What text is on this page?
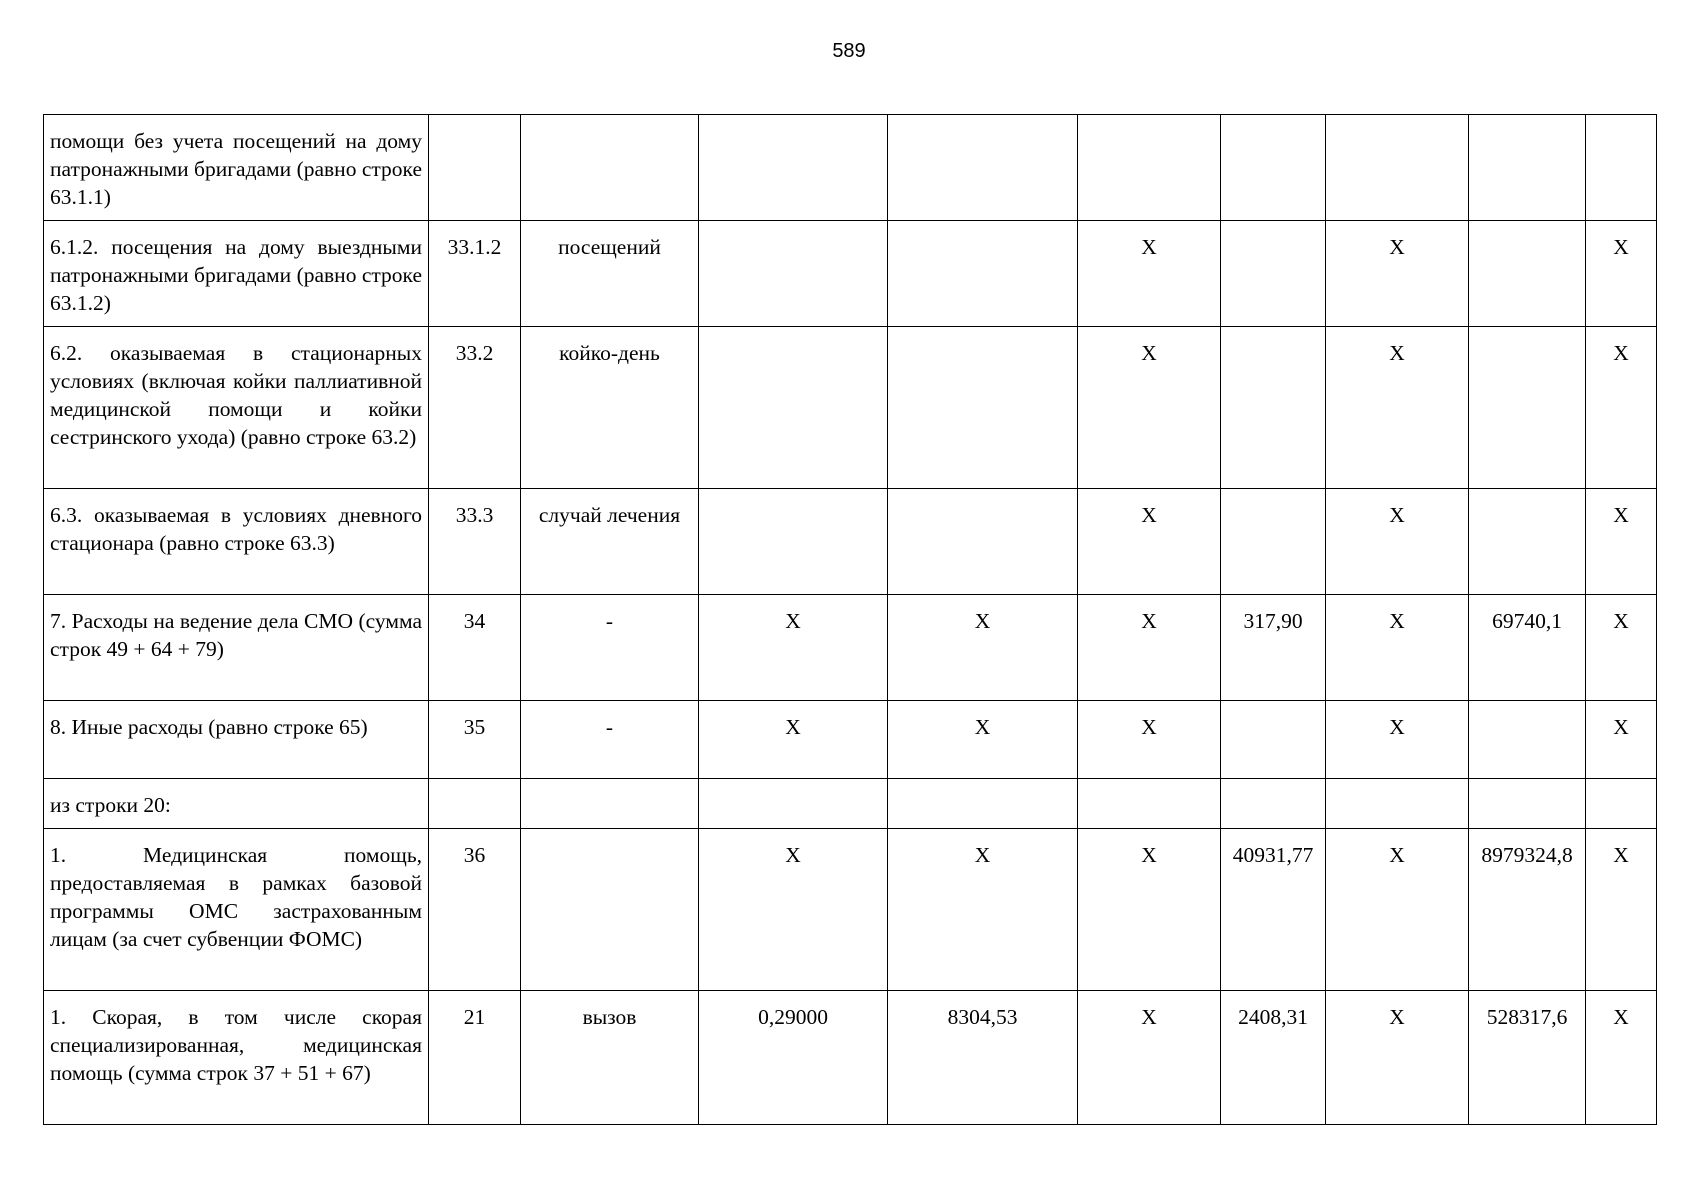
589
помощи без учета посещений на дому патронажными бригадами (равно строке 63.1.1)									
6.1.2. посещения на дому выездными патронажными бригадами (равно строке 63.1.2)	33.1.2	посещений			Х		Х		Х
6.2. оказываемая в стационарных условиях (включая койки паллиативной медицинской помощи и койки сестринского ухода) (равно строке 63.2)	33.2	койко-день			Х		Х		Х
6.3. оказываемая в условиях дневного стационара (равно строке 63.3)	33.3	случай лечения			Х		Х		Х
7. Расходы на ведение дела СМО (сумма строк 49 + 64 + 79)	34	-	Х	Х	Х	317,90	Х	69740,1	Х
8. Иные расходы (равно строке 65)	35	-	Х	Х	Х		Х		Х
из строки 20:									
1. Медицинская помощь, предоставляемая в рамках базовой программы ОМС застрахованным лицам (за счет субвенции ФОМС)	36		Х	Х	Х	40931,77	Х	8979324,8	Х
1. Скорая, в том числе скорая специализированная, медицинская помощь (сумма строк 37 + 51 + 67)	21	вызов	0,29000	8304,53	Х	2408,31	Х	528317,6	Х
